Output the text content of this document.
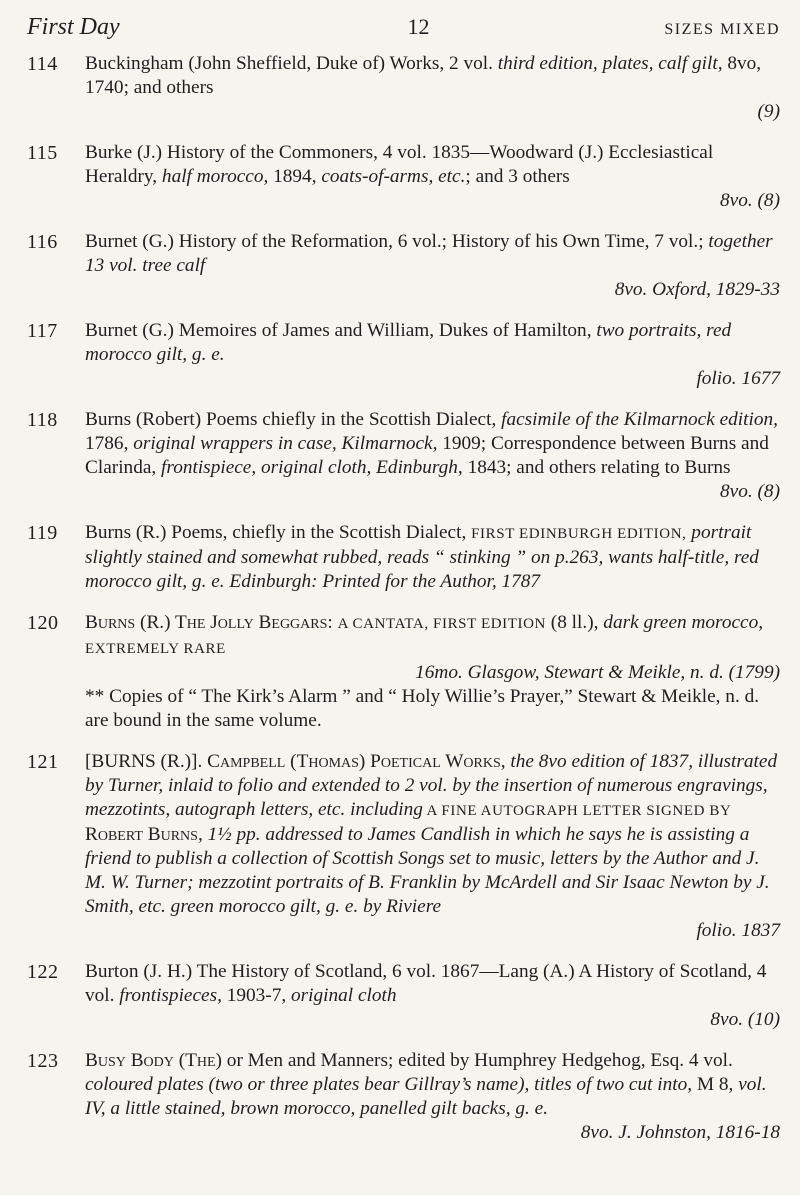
First Day	12	SIZES MIXED
114	Buckingham (John Sheffield, Duke of) Works, 2 vol. third edition, plates, calf gilt, 8vo, 1740; and others

(9)
115	Burke (J.) History of the Commoners, 4 vol. 1835—Woodward (J.) Ecclesiastical Heraldry, half morocco, 1894, coats-of-arms, etc.; and 3 others

8vo. (8)
116	Burnet (G.) History of the Reformation, 6 vol.; History of his Own Time, 7 vol.; together 13 vol. tree calf

8vo. Oxford, 1829-33
117	Burnet (G.) Memoires of James and William, Dukes of Hamilton, two portraits, red morocco gilt, g. e.

folio. 1677
118	Burns (Robert) Poems chiefly in the Scottish Dialect, facsimile of the Kilmarnock edition, 1786, original wrappers in case, Kilmarnock, 1909; Correspondence between Burns and Clarinda, frontispiece, original cloth, Edinburgh, 1843; and others relating to Burns

8vo. (8)
119	Burns (R.) Poems, chiefly in the Scottish Dialect, FIRST EDINBURGH EDITION, portrait slightly stained and somewhat rubbed, reads “ stinking ” on p.263, wants half-title, red morocco gilt, g. e. Edinburgh: Printed for the Author, 1787

120	Burns (R.) The Jolly Beggars: A CANTATA, FIRST EDITION (8 ll.), dark green morocco, EXTREMELY RARE

16mo. Glasgow, Stewart & Meikle, n. d. (1799)

** Copies of “ The Kirk’s Alarm ” and “ Holy Willie’s Prayer,” Stewart & Meikle, n. d. are bound in the same volume.

121	[BURNS (R.)]. Campbell (Thomas) Poetical Works, the 8vo edition of 1837, illustrated by Turner, inlaid to folio and extended to 2 vol. by the insertion of numerous engravings, mezzotints, autograph letters, etc. including A FINE AUTOGRAPH LETTER SIGNED BY Robert Burns, 1½ pp. addressed to James Candlish in which he says he is assisting a friend to publish a collection of Scottish Songs set to music, letters by the Author and J. M. W. Turner; mezzotint portraits of B. Franklin by McArdell and Sir Isaac Newton by J. Smith, etc. green morocco gilt, g. e. by Riviere

folio. 1837
122	Burton (J. H.) The History of Scotland, 6 vol. 1867—Lang (A.) A History of Scotland, 4 vol. frontispieces, 1903-7, original cloth

8vo. (10)
123	Busy Body (The) or Men and Manners; edited by Humphrey Hedgehog, Esq. 4 vol. coloured plates (two or three plates bear Gillray’s name), titles of two cut into, M 8, vol. IV, a little stained, brown morocco, panelled gilt backs, g. e.

8vo. J. Johnston, 1816-18
